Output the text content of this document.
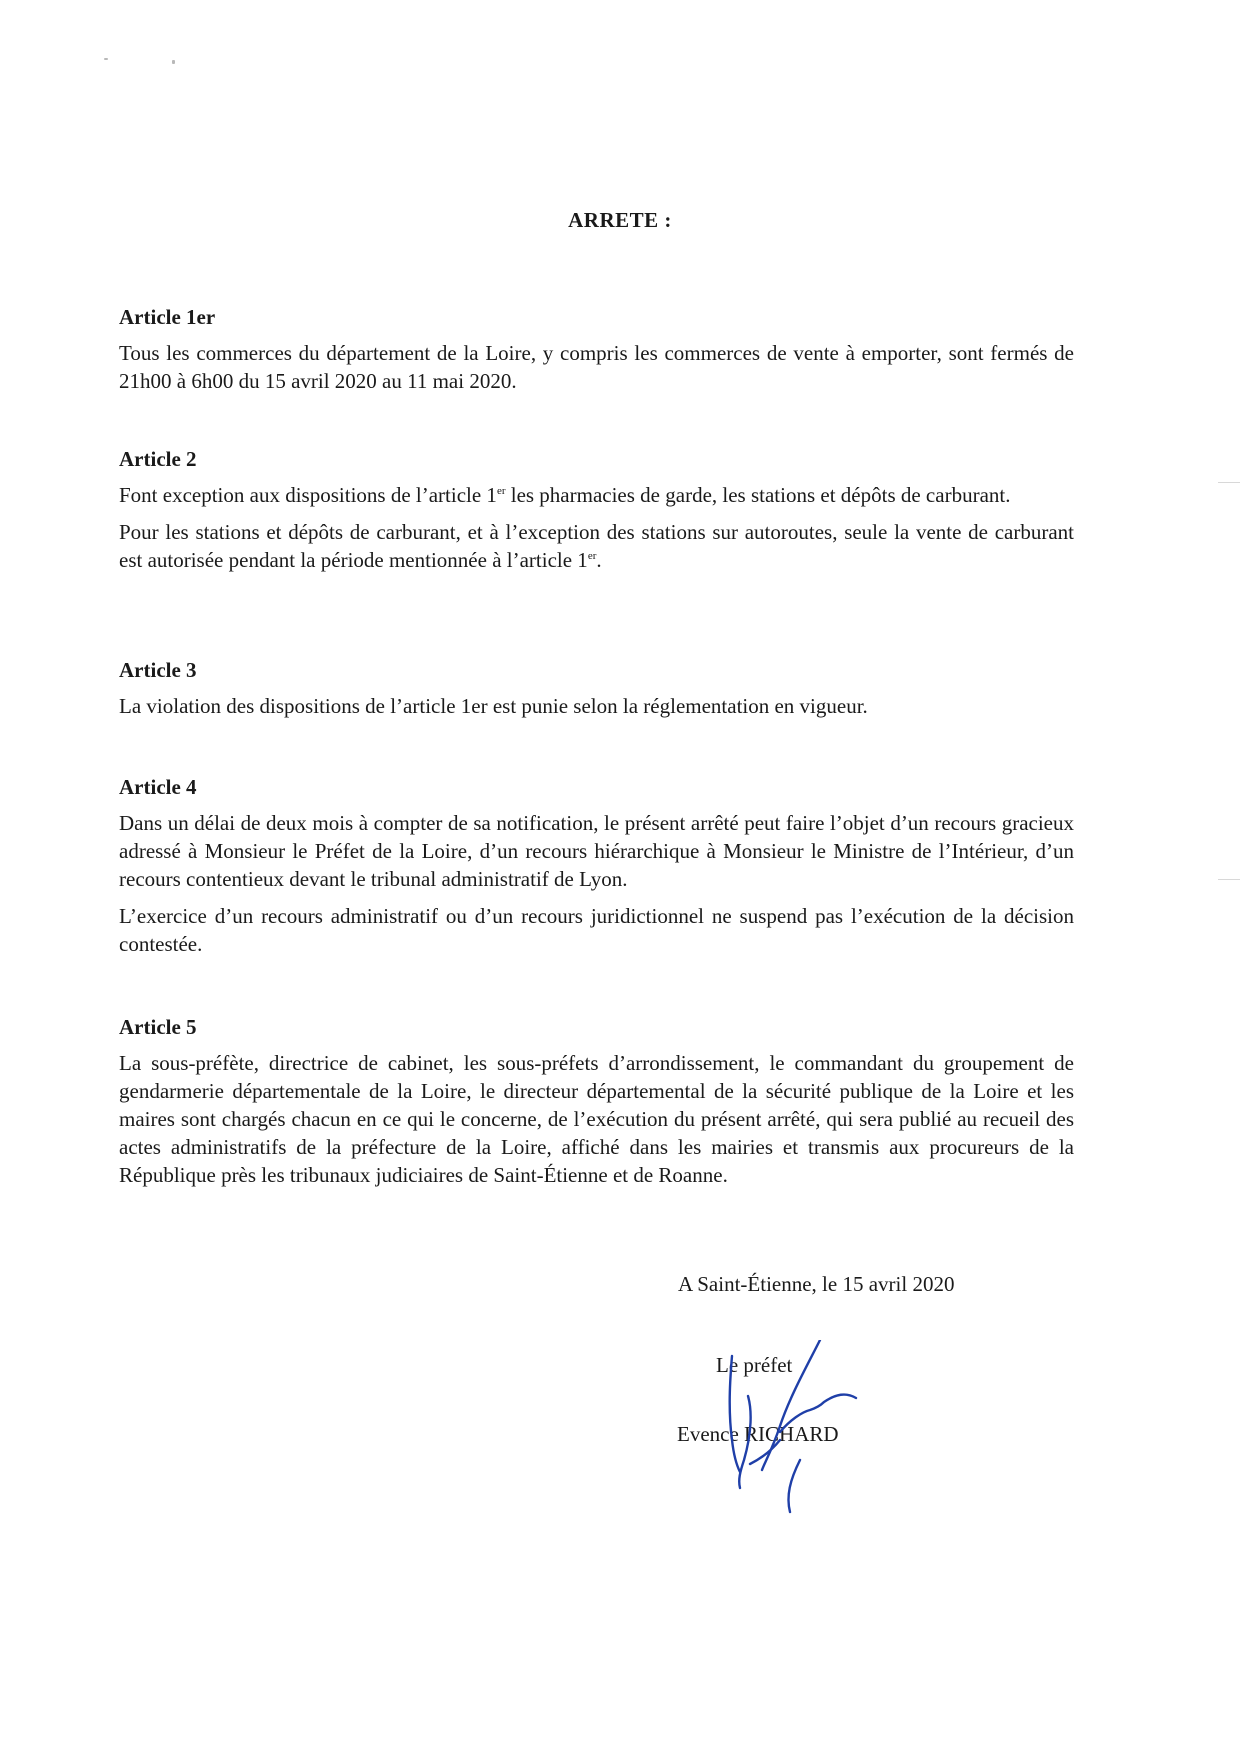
ARRETE :
Article 1er

Tous les commerces du département de la Loire, y compris les commerces de vente à emporter, sont fermés de 21h00 à 6h00 du 15 avril 2020 au 11 mai 2020.

Article 2

Font exception aux dispositions de l’article 1er les pharmacies de garde, les stations et dépôts de carburant.

Pour les stations et dépôts de carburant, et à l’exception des stations sur autoroutes, seule la vente de carburant est autorisée pendant la période mentionnée à l’article 1er.

Article 3

La violation des dispositions de l’article 1er est punie selon la réglementation en vigueur.

Article 4

Dans un délai de deux mois à compter de sa notification, le présent arrêté peut faire l’objet d’un recours gracieux adressé à Monsieur le Préfet de la Loire, d’un recours hiérarchique à Monsieur le Ministre de l’Intérieur, d’un recours contentieux devant le tribunal administratif de Lyon.

L’exercice d’un recours administratif ou d’un recours juridictionnel ne suspend pas l’exécution de la décision contestée.

Article 5

La sous-préfète, directrice de cabinet, les sous-préfets d’arrondissement, le commandant du groupement de gendarmerie départementale de la Loire, le directeur départemental de la sécurité publique de la Loire et les maires sont chargés chacun en ce qui le concerne, de l’exécution du présent arrêté, qui sera publié au recueil des actes administratifs de la préfecture de la Loire, affiché dans les mairies et transmis aux procureurs de la République près les tribunaux judiciaires de Saint-Étienne et de Roanne.

A Saint-Étienne, le 15 avril 2020

Le préfet

Evence RICHARD
